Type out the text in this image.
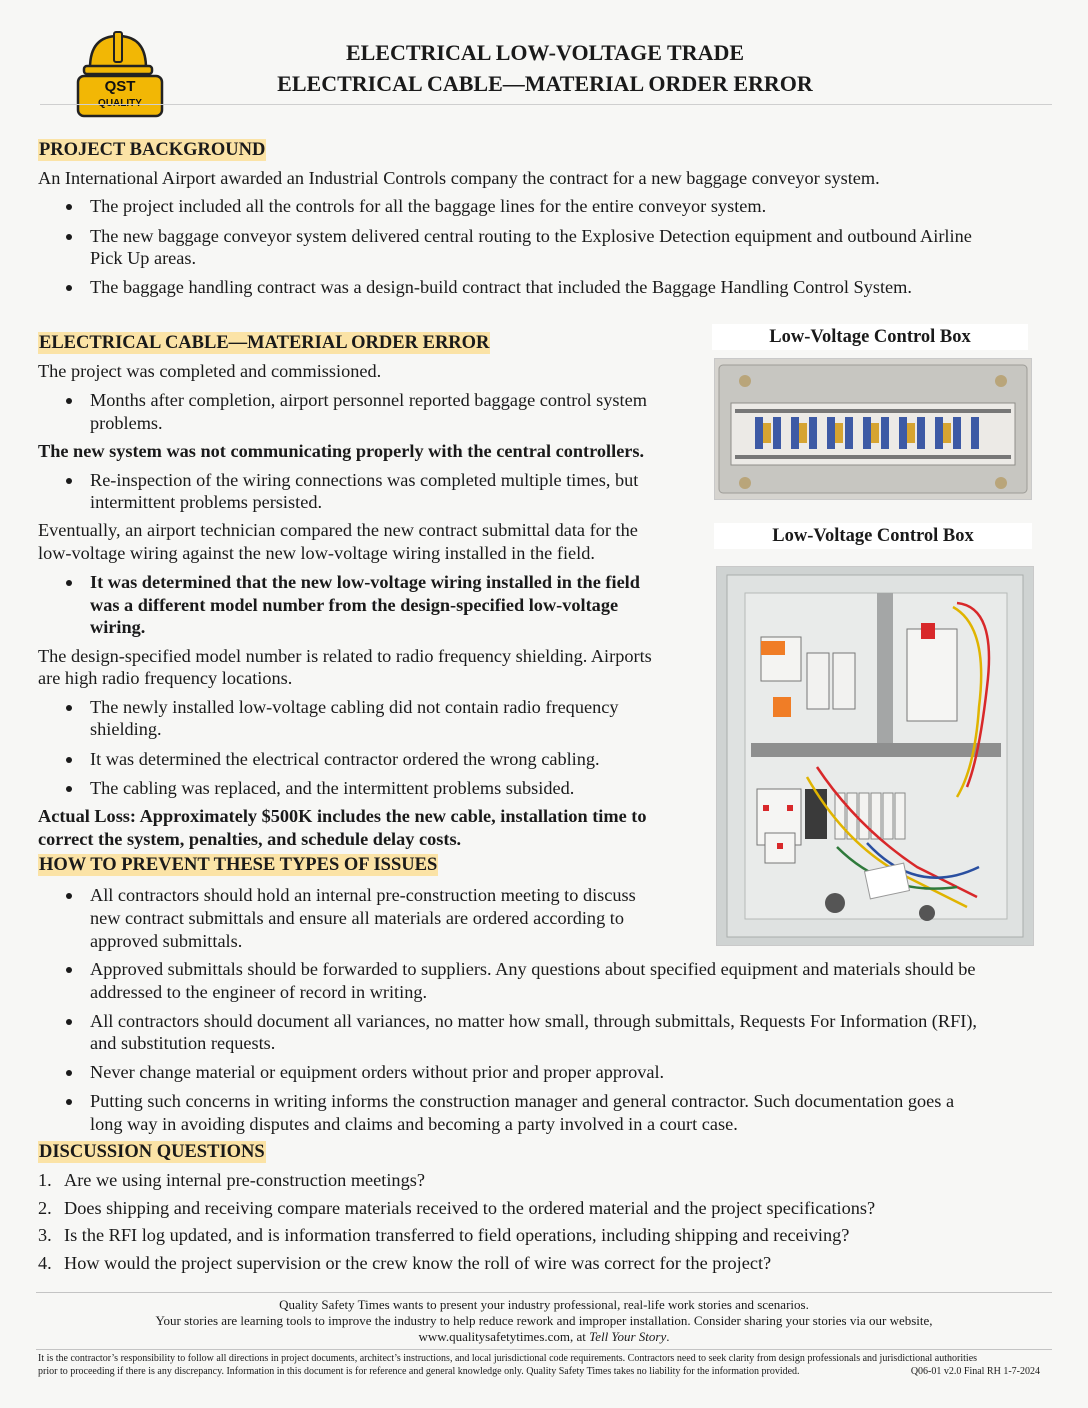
QST
ELECTRICAL LOW-VOLTAGE TRADE
ELECTRICAL CABLE—MATERIAL ORDER ERROR
PROJECT BACKGROUND
An International Airport awarded an Industrial Controls company the contract for a new baggage conveyor system.
The project included all the controls for all the baggage lines for the entire conveyor system.
The new baggage conveyor system delivered central routing to the Explosive Detection equipment and outbound Airline
Pick Up areas.
The baggage handling contract was a design-build contract that included the Baggage Handling Control System.
ELECTRICAL CABLE—MATERIAL ORDER ERROR
The project was completed and commissioned.
Months after completion, airport personnel reported baggage control system
problems.
The new system was not communicating properly with the central controllers.
Re-inspection of the wiring connections was completed multiple times, but
intermittent problems persisted.
Eventually, an airport technician compared the new contract submittal data for the
low-voltage wiring against the new low-voltage wiring installed in the field.
It was determined that the new low-voltage wiring installed in the field
was a different model number from the design-specified low-voltage
wiring.
The design-specified model number is related to radio frequency shielding. Airports
are high radio frequency locations.
The newly installed low-voltage cabling did not contain radio frequency
shielding.
It was determined the electrical contractor ordered the wrong cabling.
The cabling was replaced, and the intermittent problems subsided.
Actual Loss: Approximately $500K includes the new cable, installation time to
correct the system, penalties, and schedule delay costs.
Low-Voltage Control Box
Low-Voltage Control Box
HOW TO PREVENT THESE TYPES OF ISSUES
All contractors should hold an internal pre-construction meeting to discuss
new contract submittals and ensure all materials are ordered according to
approved submittals.
Approved submittals should be forwarded to suppliers. Any questions about specified equipment and materials should be
addressed to the engineer of record in writing.
All contractors should document all variances, no matter how small, through submittals, Requests For Information (RFI),
and substitution requests.
Never change material or equipment orders without prior and proper approval.
Putting such concerns in writing informs the construction manager and general contractor. Such documentation goes a
long way in avoiding disputes and claims and becoming a party involved in a court case.
DISCUSSION QUESTIONS
1. Are we using internal pre-construction meetings?
2. Does shipping and receiving compare materials received to the ordered material and the project specifications?
3. Is the RFI log updated, and is information transferred to field operations, including shipping and receiving?
4. How would the project supervision or the crew know the roll of wire was correct for the project?
Quality Safety Times wants to present your industry professional, real-life work stories and scenarios.
Your stories are learning tools to improve the industry to help reduce rework and improper installation. Consider sharing your stories via our website,
www.qualitysafetytimes.com, at Tell Your Story.
It is the contractor’s responsibility to follow all directions in project documents, architect’s instructions, and local jurisdictional code requirements. Contractors need to seek clarity from design professionals and jurisdictional authorities
prior to proceeding if there is any discrepancy. Information in this document is for reference and general knowledge only. Quality Safety Times takes no liability for the information provided.	Q06-01 v2.0 Final RH 1-7-2024
